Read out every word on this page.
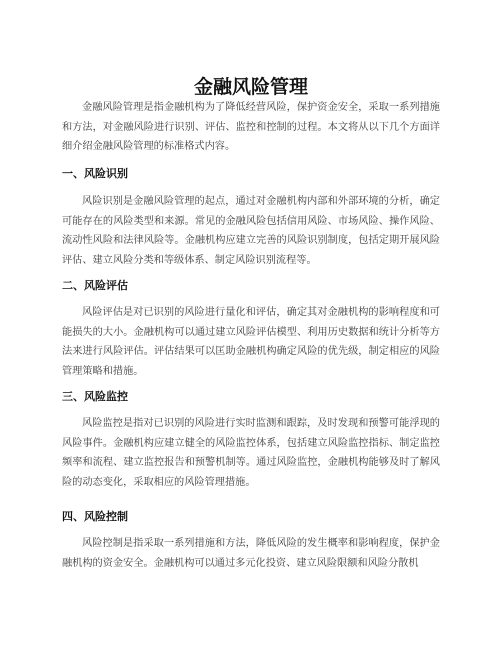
金融风险管理

金融风险管理是指金融机构为了降低经营风险，保护资金安全，采取一系列措施和方法，对金融风险进行识别、评估、监控和控制的过程。本文将从以下几个方面详细介绍金融风险管理的标准格式内容。

一、风险识别

风险识别是金融风险管理的起点，通过对金融机构内部和外部环境的分析，确定可能存在的风险类型和来源。常见的金融风险包括信用风险、市场风险、操作风险、流动性风险和法律风险等。金融机构应建立完善的风险识别制度，包括定期开展风险评估、建立风险分类和等级体系、制定风险识别流程等。

二、风险评估

风险评估是对已识别的风险进行量化和评估，确定其对金融机构的影响程度和可能损失的大小。金融机构可以通过建立风险评估模型、利用历史数据和统计分析等方法来进行风险评估。评估结果可以匡助金融机构确定风险的优先级，制定相应的风险管理策略和措施。

三、风险监控

风险监控是指对已识别的风险进行实时监测和跟踪，及时发现和预警可能浮现的风险事件。金融机构应建立健全的风险监控体系，包括建立风险监控指标、制定监控频率和流程、建立监控报告和预警机制等。通过风险监控，金融机构能够及时了解风险的动态变化，采取相应的风险管理措施。

四、风险控制

风险控制是指采取一系列措施和方法，降低风险的发生概率和影响程度，保护金融机构的资金安全。金融机构可以通过多元化投资、建立风险限额和风险分散机
